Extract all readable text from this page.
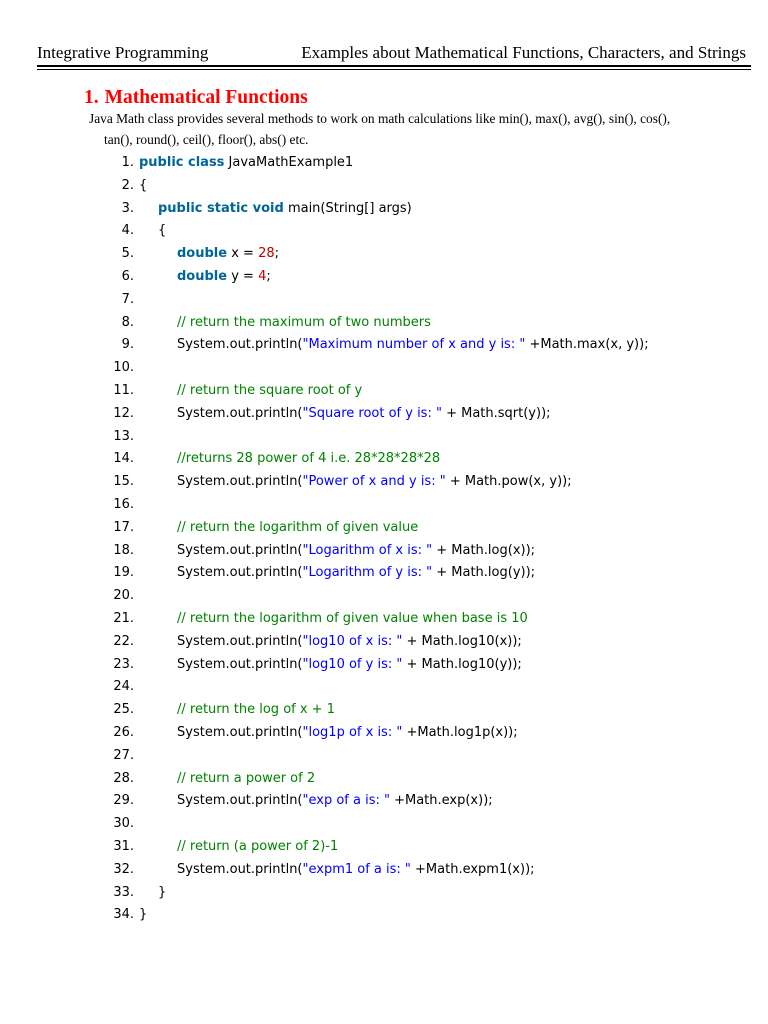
Integrative Programming	Examples about Mathematical Functions, Characters, and Strings
1. Mathematical Functions
Java Math class provides several methods to work on math calculations like min(), max(), avg(), sin(), cos(), tan(), round(), ceil(), floor(), abs() etc.
1. public class JavaMathExample1
2. {
3. public static void main(String[] args)
4. {
5.	double x = 28;
6.	double y = 4;
7.
8.	// return the maximum of two numbers
9.	System.out.println("Maximum number of x and y is: " +Math.max(x, y));
10.
11.	// return the square root of y
12.	System.out.println("Square root of y is: " + Math.sqrt(y));
13.
14.	//returns 28 power of 4 i.e. 28*28*28*28
15.	System.out.println("Power of x and y is: " + Math.pow(x, y));
16.
17.	// return the logarithm of given value
18.	System.out.println("Logarithm of x is: " + Math.log(x));
19.	System.out.println("Logarithm of y is: " + Math.log(y));
20.
21.	// return the logarithm of given value when base is 10
22.	System.out.println("log10 of x is: " + Math.log10(x));
23.	System.out.println("log10 of y is: " + Math.log10(y));
24.
25.	// return the log of x + 1
26.	System.out.println("log1p of x is: " +Math.log1p(x));
27.
28.	// return a power of 2
29.	System.out.println("exp of a is: " +Math.exp(x));
30.
31.	// return (a power of 2)-1
32.	System.out.println("expm1 of a is: " +Math.expm1(x));
33. }
34. }
